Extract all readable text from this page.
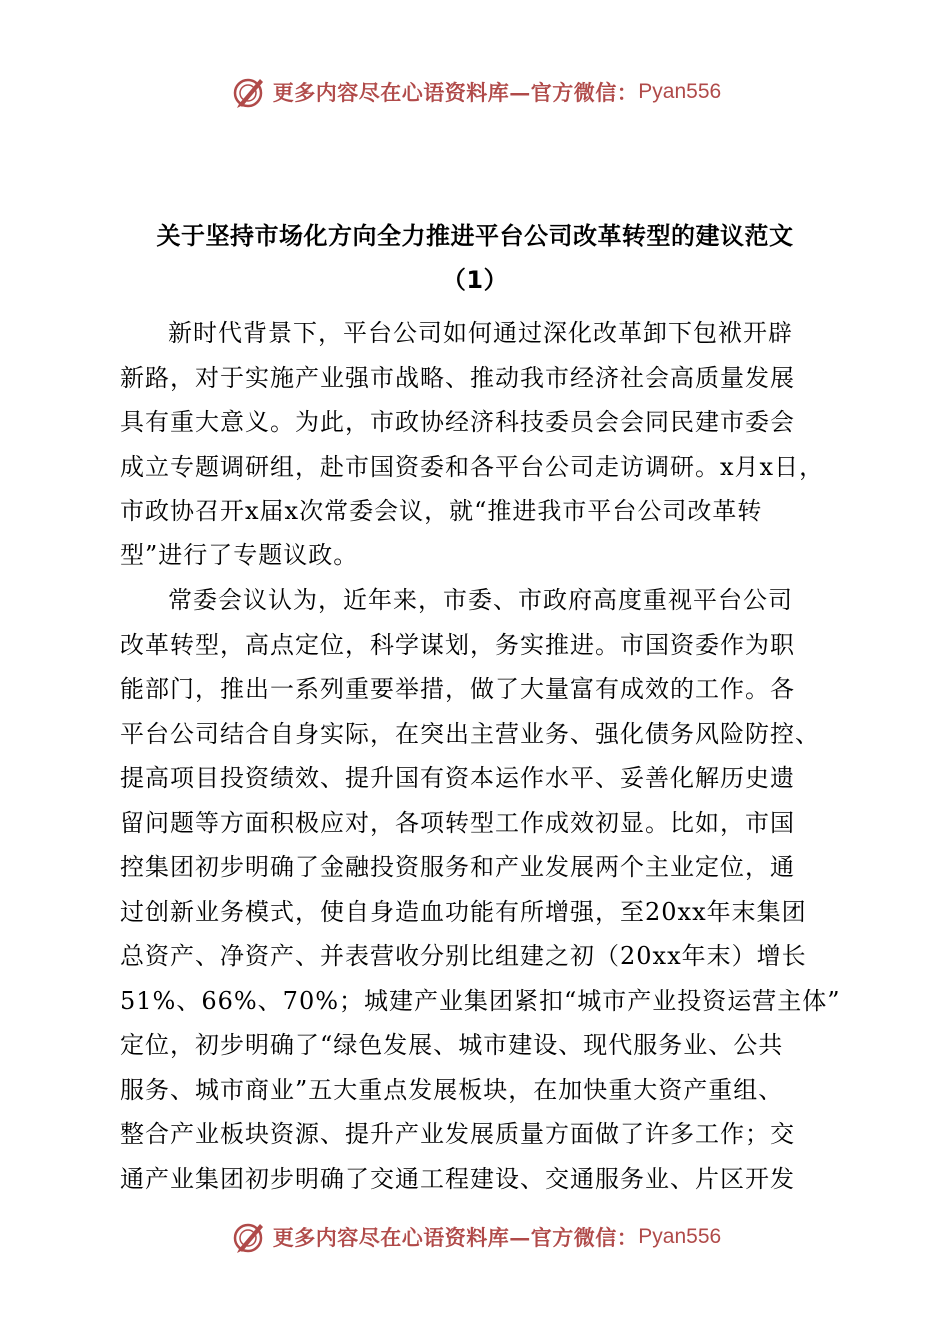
更多内容尽在心语资料库—官方微信： Pyan556
关于坚持市场化方向全力推进平台公司改革转型的建议范文
（1）
新时代背景下，平台公司如何通过深化改革卸下包袱开辟
新路，对于实施产业强市战略、推动我市经济社会高质量发展
具有重大意义。为此，市政协经济科技委员会会同民建市委会
成立专题调研组，赴市国资委和各平台公司走访调研。x月x日，
市政协召开x届x次常委会议，就“推进我市平台公司改革转
型”进行了专题议政。
常委会议认为，近年来，市委、市政府高度重视平台公司
改革转型，高点定位，科学谋划，务实推进。市国资委作为职
能部门，推出一系列重要举措，做了大量富有成效的工作。各
平台公司结合自身实际，在突出主营业务、强化债务风险防控、
提高项目投资绩效、提升国有资本运作水平、妥善化解历史遗
留问题等方面积极应对，各项转型工作成效初显。比如，市国
控集团初步明确了金融投资服务和产业发展两个主业定位，通
过创新业务模式，使自身造血功能有所增强，至20xx年末集团
总资产、净资产、并表营收分别比组建之初（20xx年末）增长
51%、66%、70%；城建产业集团紧扣“城市产业投资运营主体”
定位，初步明确了“绿色发展、城市建设、现代服务业、公共
服务、城市商业”五大重点发展板块，在加快重大资产重组、
整合产业板块资源、提升产业发展质量方面做了许多工作；交
通产业集团初步明确了交通工程建设、交通服务业、片区开发
更多内容尽在心语资料库—官方微信： Pyan556
